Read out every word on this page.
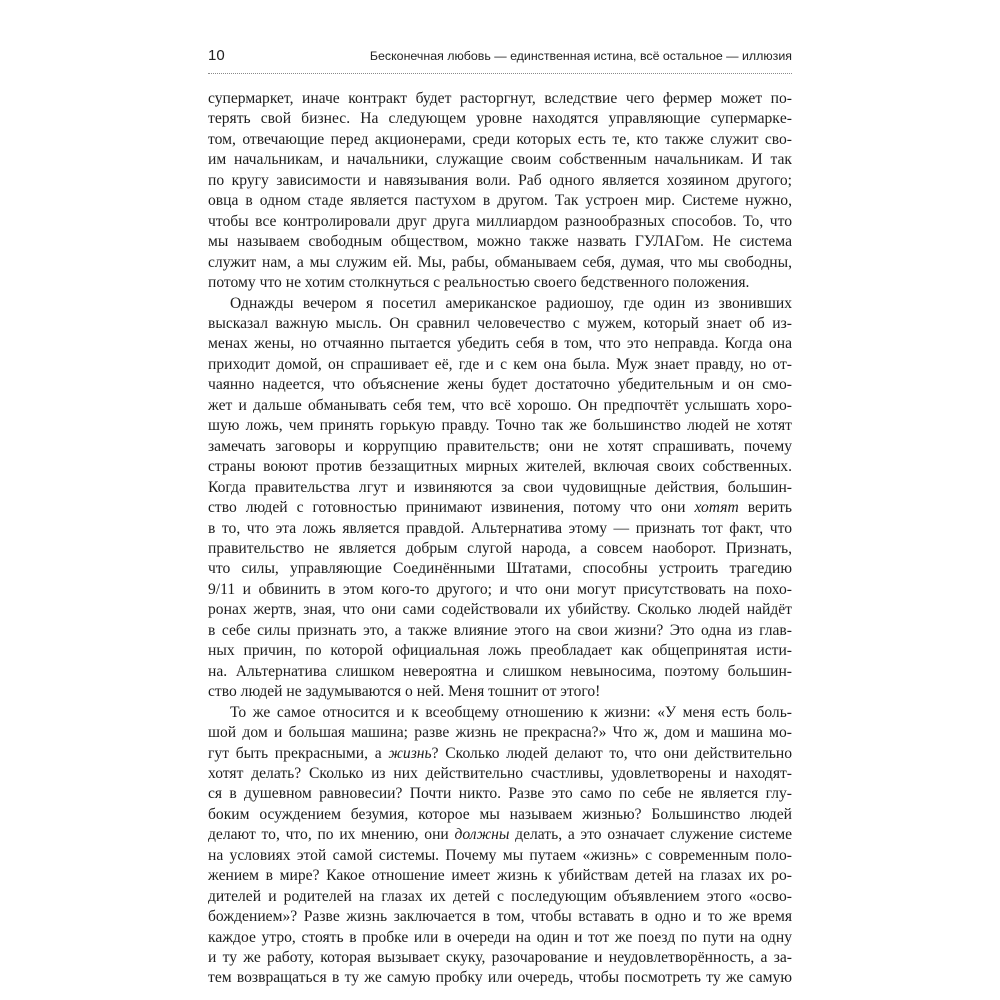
10	Бесконечная любовь — единственная истина, всё остальное — иллюзия
супермаркет, иначе контракт будет расторгнут, вследствие чего фермер может по-
терять свой бизнес. На следующем уровне находятся управляющие супермаркe-
том, отвечающие перед акционерами, среди которых есть те, кто также служит сво-
им начальникам, и начальники, служащие своим собственным начальникам. И так
по кругу зависимости и навязывания воли. Раб одного является хозяином другого;
овца в одном стаде является пастухом в другом. Так устроен мир. Системе нужно,
чтобы все контролировали друг друга миллиардом разнообразных способов. То, что
мы называем свободным обществом, можно также назвать ГУЛАГом. Не система
служит нам, а мы служим ей. Мы, рабы, обманываем себя, думая, что мы свободны,
потому что не хотим столкнуться с реальностью своего бедственного положения.
Однажды вечером я посетил американское радиошоу, где один из звонивших
высказал важную мысль. Он сравнил человечество с мужем, который знает об из-
менах жены, но отчаянно пытается убедить себя в том, что это неправда. Когда она
приходит домой, он спрашивает её, где и с кем она была. Муж знает правду, но от-
чаянно надеется, что объяснение жены будет достаточно убедительным и он смо-
жет и дальше обманывать себя тем, что всё хорошо. Он предпочтёт услышать хоро-
шую ложь, чем принять горькую правду. Точно так же большинство людей не хотят
замечать заговоры и коррупцию правительств; они не хотят спрашивать, почему
страны воюют против беззащитных мирных жителей, включая своих собственных.
Когда правительства лгут и извиняются за свои чудовищные действия, большин-
ство людей с готовностью принимают извинения, потому что они хотят верить
в то, что эта ложь является правдой. Альтернатива этому — признать тот факт, что
правительство не является добрым слугой народа, а совсем наоборот. Признать,
что силы, управляющие Соединёнными Штатами, способны устроить трагедию
9/11 и обвинить в этом кого-то другого; и что они могут присутствовать на похо-
ронах жертв, зная, что они сами содействовали их убийству. Сколько людей найдёт
в себе силы признать это, а также влияние этого на свои жизни? Это одна из глав-
ных причин, по которой официальная ложь преобладает как общепринятая исти-
на. Альтернатива слишком невероятна и слишком невыносима, поэтому большин-
ство людей не задумываются о ней. Меня тошнит от этого!
То же самое относится и к всеобщему отношению к жизни: «У меня есть боль-
шой дом и большая машина; разве жизнь не прекрасна?» Что ж, дом и машина мо-
гут быть прекрасными, а жизнь? Сколько людей делают то, что они действительно
хотят делать? Сколько из них действительно счастливы, удовлетворены и находят-
ся в душевном равновесии? Почти никто. Разве это само по себе не является глу-
боким осуждением безумия, которое мы называем жизнью? Большинство людей
делают то, что, по их мнению, они должны делать, а это означает служение системе
на условиях этой самой системы. Почему мы путаем «жизнь» с современным поло-
жением в мире? Какое отношение имеет жизнь к убийствам детей на глазах их ро-
дителей и родителей на глазах их детей с последующим объявлением этого «осво-
бождением»? Разве жизнь заключается в том, чтобы вставать в одно и то же время
каждое утро, стоять в пробке или в очереди на один и тот же поезд по пути на одну
и ту же работу, которая вызывает скуку, разочарование и неудовлетворённость, а за-
тем возвращаться в ту же самую пробку или очередь, чтобы посмотреть ту же самую
